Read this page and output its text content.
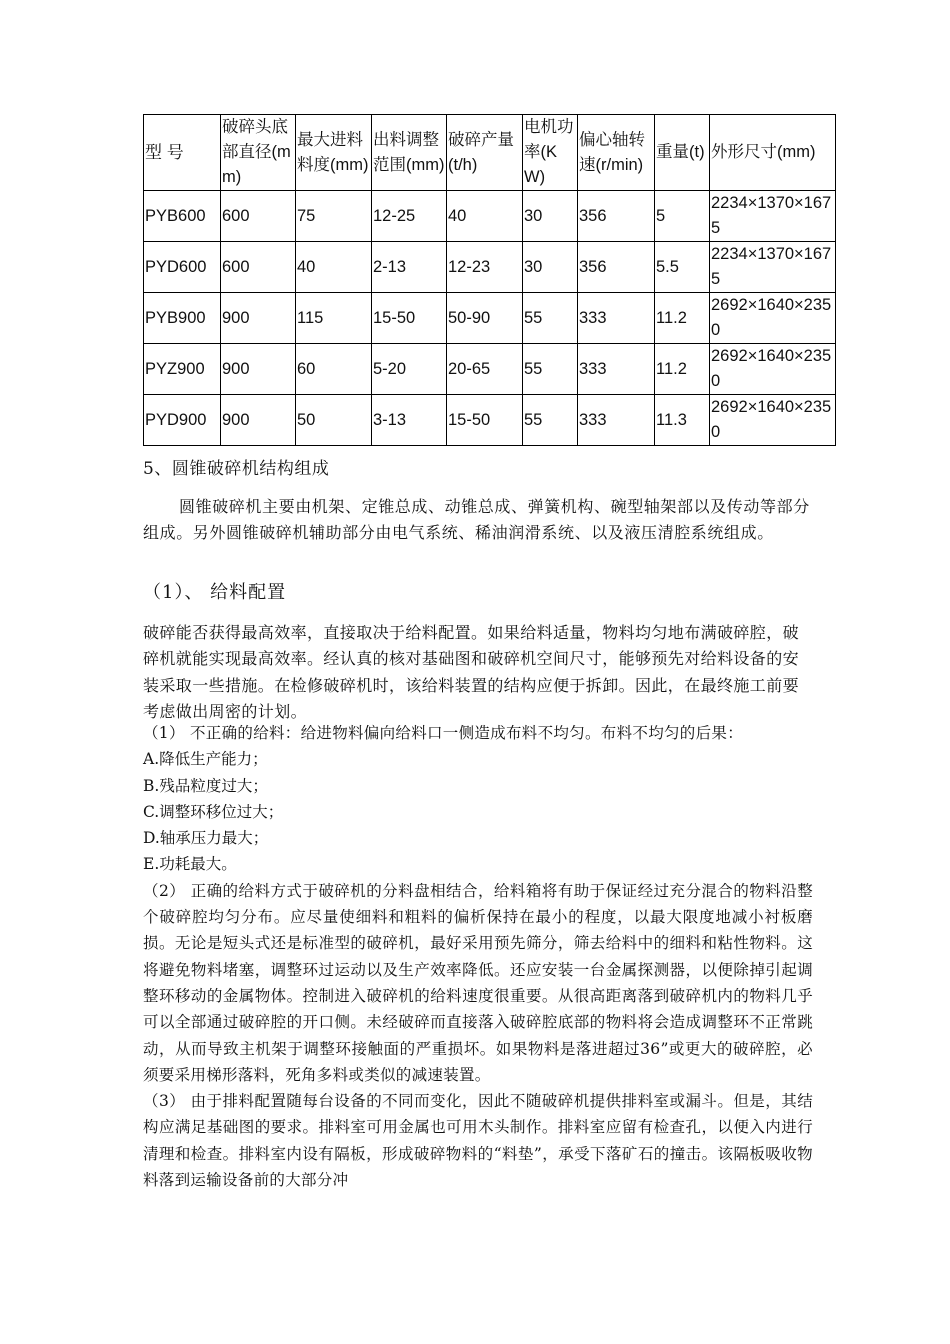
型 号	破碎头底部直径(mm)	最大进料料度(mm)	出料调整范围(mm)	破碎产量(t/h)	电机功率(KW)	偏心轴转速(r/min)	重量(t)	外形尺寸(mm)
PYB600	600	75	12-25	40	30	356	5	2234×1370×1675
PYD600	600	40	2-13	12-23	30	356	5.5	2234×1370×1675
PYB900	900	115	15-50	50-90	55	333	11.2	2692×1640×2350
PYZ900	900	60	5-20	20-65	55	333	11.2	2692×1640×2350
PYD900	900	50	3-13	15-50	55	333	11.3	2692×1640×2350
5、圆锥破碎机结构组成

圆锥破碎机主要由机架、定锥总成、动锥总成、弹簧机构、碗型轴架部以及传动等部分组成。另外圆锥破碎机辅助部分由电气系统、稀油润滑系统、以及液压清腔系统组成。

（1）、 给料配置

破碎能否获得最高效率，直接取决于给料配置。如果给料适量，物料均匀地布满破碎腔，破碎机就能实现最高效率。经认真的核对基础图和破碎机空间尺寸，能够预先对给料设备的安装采取一些措施。在检修破碎机时，该给料装置的结构应便于拆卸。因此，在最终施工前要考虑做出周密的计划。

（1） 不正确的给料：给进物料偏向给料口一侧造成布料不均匀。布料不均匀的后果：
A.降低生产能力；
B.残品粒度过大；
C.调整环移位过大；
D.轴承压力最大；
E.功耗最大。
（2） 正确的给料方式于破碎机的分料盘相结合，给料箱将有助于保证经过充分混合的物料沿整个破碎腔均匀分布。应尽量使细料和粗料的偏析保持在最小的程度，以最大限度地减小衬板磨损。无论是短头式还是标准型的破碎机，最好采用预先筛分，筛去给料中的细料和粘性物料。这将避免物料堵塞，调整环过运动以及生产效率降低。还应安装一台金属探测器，以便除掉引起调整环移动的金属物体。控制进入破碎机的给料速度很重要。从很高距离落到破碎机内的物料几乎可以全部通过破碎腔的开口侧。未经破碎而直接落入破碎腔底部的物料将会造成调整环不正常跳动，从而导致主机架于调整环接触面的严重损坏。如果物料是落进超过36”或更大的破碎腔，必须要采用梯形落料，死角多料或类似的减速装置。
（3） 由于排料配置随每台设备的不同而变化，因此不随破碎机提供排料室或漏斗。但是，其结构应满足基础图的要求。排料室可用金属也可用木头制作。排料室应留有检查孔，以便入内进行清理和检查。排料室内设有隔板，形成破碎物料的“料垫”，承受下落矿石的撞击。该隔板吸收物料落到运输设备前的大部分冲
